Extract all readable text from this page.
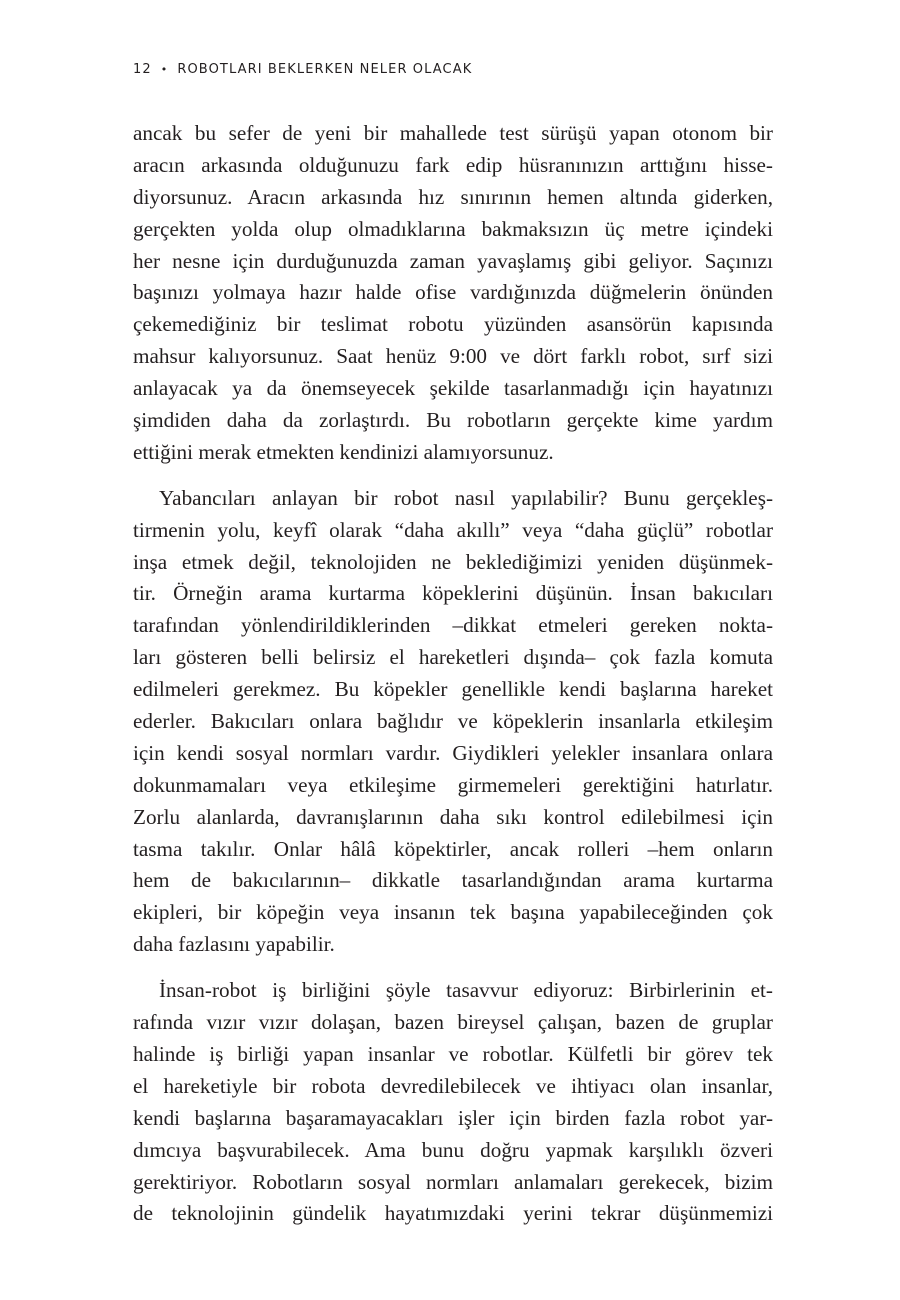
12 • ROBOTLARI BEKLERKEN NELER OLACAK
ancak bu sefer de yeni bir mahallede test sürüşü yapan otonom bir
aracın arkasında olduğunuzu fark edip hüsranınızın arttığını hisse-
diyorsunuz. Aracın arkasında hız sınırının hemen altında giderken,
gerçekten yolda olup olmadıklarına bakmaksızın üç metre içindeki
her nesne için durduğunuzda zaman yavaşlamış gibi geliyor. Saçınızı
başınızı yolmaya hazır halde ofise vardığınızda düğmelerin önünden
çekemediğiniz bir teslimat robotu yüzünden asansörün kapısında
mahsur kalıyorsunuz. Saat henüz 9:00 ve dört farklı robot, sırf sizi
anlayacak ya da önemseyecek şekilde tasarlanmadığı için hayatınızı
şimdiden daha da zorlaştırdı. Bu robotların gerçekte kime yardım
ettiğini merak etmekten kendinizi alamıyorsunuz.
Yabancıları anlayan bir robot nasıl yapılabilir? Bunu gerçekleş-
tirmenin yolu, keyfî olarak “daha akıllı” veya “daha güçlü” robotlar
inşa etmek değil, teknolojiden ne beklediğimizi yeniden düşünmek-
tir. Örneğin arama kurtarma köpeklerini düşünün. İnsan bakıcıları
tarafından yönlendirildiklerinden –dikkat etmeleri gereken nokta-
ları gösteren belli belirsiz el hareketleri dışında– çok fazla komuta
edilmeleri gerekmez. Bu köpekler genellikle kendi başlarına hareket
ederler. Bakıcıları onlara bağlıdır ve köpeklerin insanlarla etkileşim
için kendi sosyal normları vardır. Giydikleri yelekler insanlara onlara
dokunmamaları veya etkileşime girmemeleri gerektiğini hatırlatır.
Zorlu alanlarda, davranışlarının daha sıkı kontrol edilebilmesi için
tasma takılır. Onlar hâlâ köpektirler, ancak rolleri –hem onların
hem de bakıcılarının– dikkatle tasarlandığından arama kurtarma
ekipleri, bir köpeğin veya insanın tek başına yapabileceğinden çok
daha fazlasını yapabilir.
İnsan-robot iş birliğini şöyle tasavvur ediyoruz: Birbirlerinin et-
rafında vızır vızır dolaşan, bazen bireysel çalışan, bazen de gruplar
halinde iş birliği yapan insanlar ve robotlar. Külfetli bir görev tek
el hareketiyle bir robota devredilebilecek ve ihtiyacı olan insanlar,
kendi başlarına başaramayacakları işler için birden fazla robot yar-
dımcıya başvurabilecek. Ama bunu doğru yapmak karşılıklı özveri
gerektiriyor. Robotların sosyal normları anlamaları gerekecek, bizim
de teknolojinin gündelik hayatımızdaki yerini tekrar düşünmemizi
